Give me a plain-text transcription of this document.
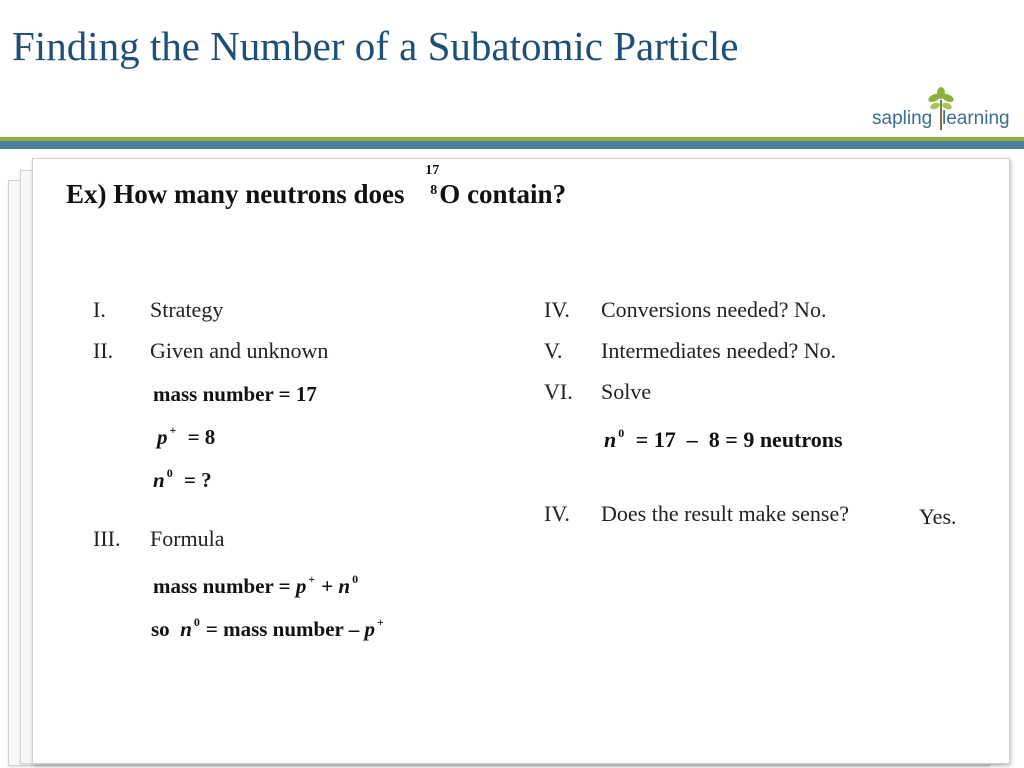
Finding the Number of a Subatomic Particle
sapling learning
Ex) How many neutrons does
17
8 O contain?
I. Strategy
II. Given and unknown
mass number = 17
p + = 8
n $^0$ = ?
III. Formula
mass number = p + + n $^0$
so n $^0$ = mass number – p +
IV. Conversions needed? No.
V. Intermediates needed? No.
VI. Solve
n $^0$ = 17  –  8 = 9 neutrons
IV. Does the result make sense?	Yes.
